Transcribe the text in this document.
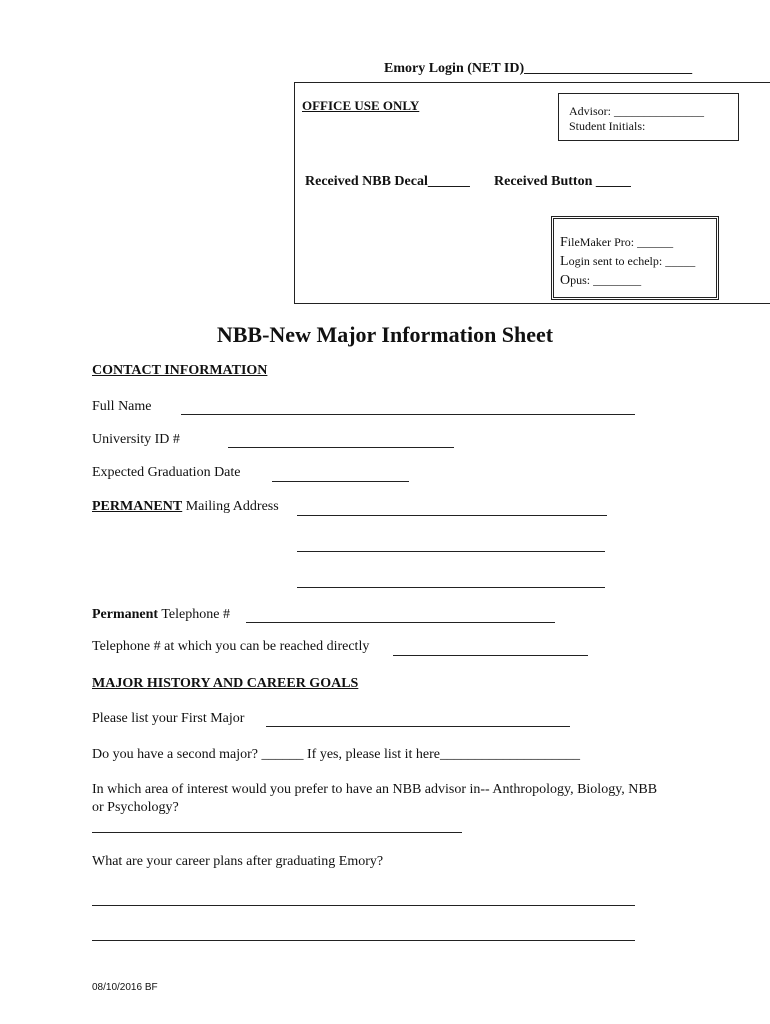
Emory Login (NET ID)________________________
OFFICE USE ONLY	Advisor: _______________
Student Initials:
Received NBB Decal______ Received Button _____
FileMaker Pro: ______
Login sent to echelp: _____
Opus: ________
NBB-New Major Information Sheet
CONTACT INFORMATION
Full Name
University ID #
Expected Graduation Date
PERMANENT Mailing Address
Permanent Telephone #
Telephone # at which you can be reached directly
MAJOR HISTORY AND CAREER GOALS
Please list your First Major
Do you have a second major? ______ If yes, please list it here____________________
In which area of interest would you prefer to have an NBB advisor in-- Anthropology, Biology, NBB
or Psychology?
What are your career plans after graduating Emory?
08/10/2016 BF
